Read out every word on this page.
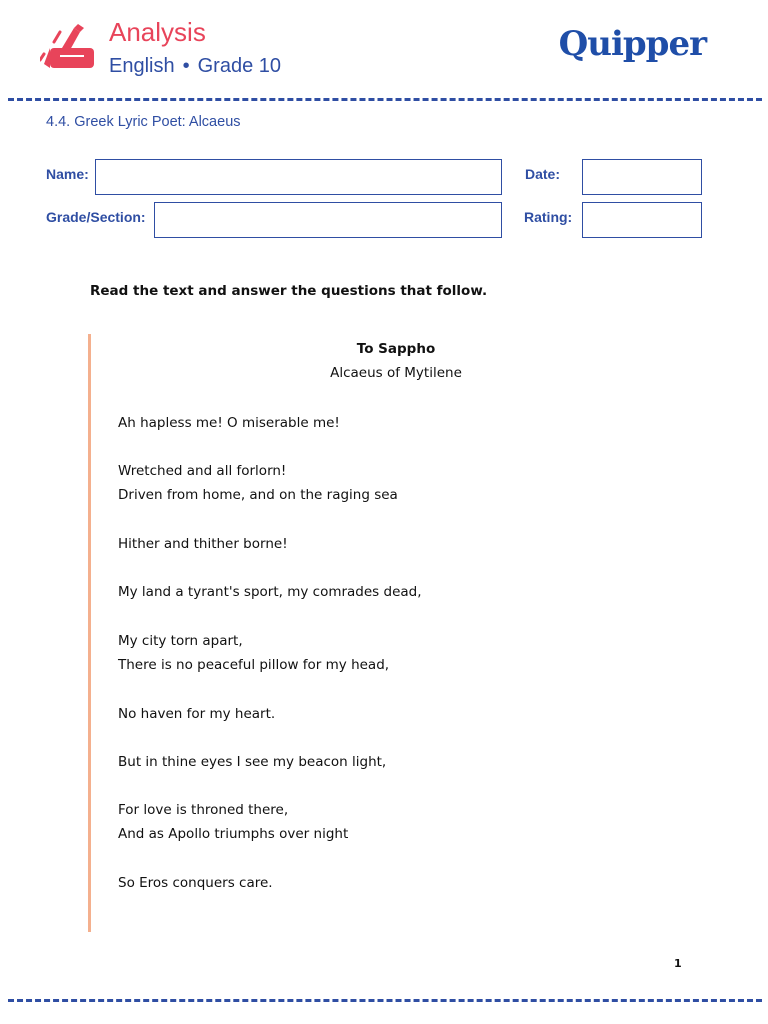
Analysis
English • Grade 10
Quipper
4.4. Greek Lyric Poet: Alcaeus
Name:	Date:
Grade/Section:	Rating:
Read the text and answer the questions that follow.
To Sappho
Alcaeus of Mytilene
Ah hapless me! O miserable me!
Wretched and all forlorn!
Driven from home, and on the raging sea
Hither and thither borne!
My land a tyrant's sport, my comrades dead,
My city torn apart,
There is no peaceful pillow for my head,
No haven for my heart.
But in thine eyes I see my beacon light,
For love is throned there,
And as Apollo triumphs over night
So Eros conquers care.
1
